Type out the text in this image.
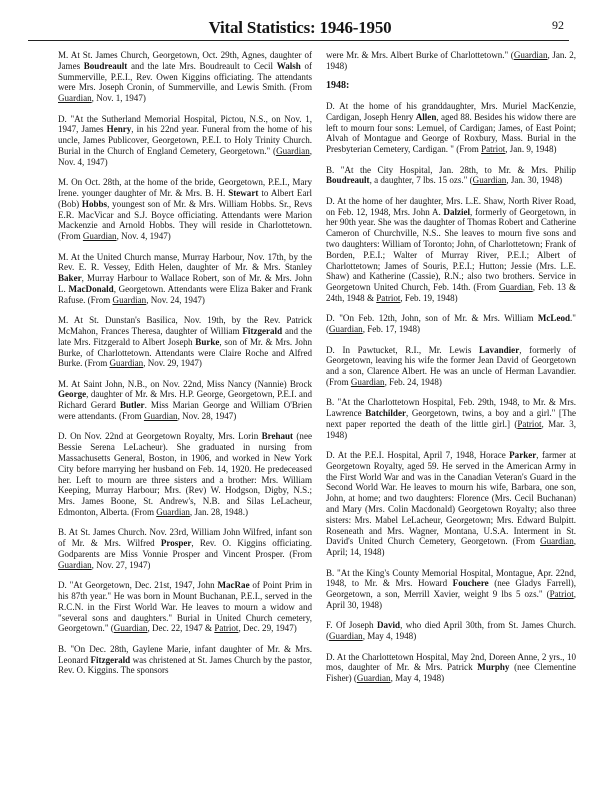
Vital Statistics: 1946-1950	92

M. At St. James Church, Georgetown, Oct. 29th, Agnes, daughter of James Boudreault and the late Mrs. Boudreault to Cecil Walsh of Summerville, P.E.I., Rev. Owen Kiggins officiating. The attendants were Mrs. Joseph Cronin, of Summerville, and Lewis Smith. (From Guardian, Nov. 1, 1947)

D. "At the Sutherland Memorial Hospital, Pictou, N.S., on Nov. 1, 1947, James Henry, in his 22nd year. Funeral from the home of his uncle, James Publicover, Georgetown, P.E.I. to Holy Trinity Church. Burial in the Church of England Cemetery, Georgetown." (Guardian, Nov. 4, 1947)

M. On Oct. 28th, at the home of the bride, Georgetown, P.E.I., Mary Irene. younger daughter of Mr. & Mrs. B. H. Stewart to Albert Earl (Bob) Hobbs, youngest son of Mr. & Mrs. William Hobbs. Sr., Revs E.R. MacVicar and S.J. Boyce officiating. Attendants were Marion Mackenzie and Arnold Hobbs. They will reside in Charlottetown. (From Guardian, Nov. 4, 1947)

M. At the United Church manse, Murray Harbour, Nov. 17th, by the Rev. E. R. Vessey, Edith Helen, daughter of Mr. & Mrs. Stanley Baker, Murray Harbour to Wallace Robert, son of Mr. & Mrs. John L. MacDonald, Georgetown. Attendants were Eliza Baker and Frank Rafuse. (From Guardian, Nov. 24, 1947)

M. At St. Dunstan's Basilica, Nov. 19th, by the Rev. Patrick McMahon, Frances Theresa, daughter of William Fitzgerald and the late Mrs. Fitzgerald to Albert Joseph Burke, son of Mr. & Mrs. John Burke, of Charlottetown. Attendants were Claire Roche and Alfred Burke. (From Guardian, Nov. 29, 1947)

M. At Saint John, N.B., on Nov. 22nd, Miss Nancy (Nannie) Brock George, daughter of Mr. & Mrs. H.P. George, Georgetown, P.E.I. and Richard Gerard Butler. Miss Marian George and William O'Brien were attendants. (From Guardian, Nov. 28, 1947)

D. On Nov. 22nd at Georgetown Royalty, Mrs. Lorin Brehaut (nee Bessie Serena LeLacheur). She graduated in nursing from Massachusetts General, Boston, in 1906, and worked in New York City before marrying her husband on Feb. 14, 1920. He predeceased her. Left to mourn are three sisters and a brother: Mrs. William Keeping, Murray Harbour; Mrs. (Rev) W. Hodgson, Digby, N.S.; Mrs. James Boone, St. Andrew's, N.B. and Silas LeLacheur, Edmonton, Alberta. (From Guardian, Jan. 28, 1948.)

B. At St. James Church. Nov. 23rd, William John Wilfred, infant son of Mr. & Mrs. Wilfred Prosper, Rev. O. Kiggins officiating. Godparents are Miss Vonnie Prosper and Vincent Prosper. (From Guardian, Nov. 27, 1947)

D. "At Georgetown, Dec. 21st, 1947, John MacRae of Point Prim in his 87th year." He was born in Mount Buchanan, P.E.I., served in the R.C.N. in the First World War. He leaves to mourn a widow and "several sons and daughters." Burial in United Church cemetery, Georgetown." (Guardian, Dec. 22, 1947 & Patriot, Dec. 29, 1947)

B. "On Dec. 28th, Gaylene Marie, infant daughter of Mr. & Mrs. Leonard Fitzgerald was christened at St. James Church by the pastor, Rev. O. Kiggins. The sponsors

were Mr. & Mrs. Albert Burke of Charlottetown." (Guardian, Jan. 2, 1948)

1948:

D. At the home of his granddaughter, Mrs. Muriel MacKenzie, Cardigan, Joseph Henry Allen, aged 88. Besides his widow there are left to mourn four sons: Lemuel, of Cardigan; James, of East Point; Alvah of Montague and George of Roxbury, Mass. Burial in the Presbyterian Cemetery, Cardigan. " (From Patriot, Jan. 9, 1948)

B. "At the City Hospital, Jan. 28th, to Mr. & Mrs. Philip Boudreault, a daughter, 7 lbs. 15 ozs." (Guardian, Jan. 30, 1948)

D. At the home of her daughter, Mrs. L.E. Shaw, North River Road, on Feb. 12, 1948, Mrs. John A. Dalziel, formerly of Georgetown, in her 90th year. She was the daughter of Thomas Robert and Catherine Cameron of Churchville, N.S.. She leaves to mourn five sons and two daughters: William of Toronto; John, of Charlottetown; Frank of Borden, P.E.I.; Walter of Murray River, P.E.I.; Albert of Charlottetown; James of Souris, P.E.I.; Hutton; Jessie (Mrs. L.E. Shaw) and Katherine (Cassie), R.N.; also two brothers. Service in Georgetown United Church, Feb. 14th. (From Guardian, Feb. 13 & 24th, 1948 & Patriot, Feb. 19, 1948)

D. "On Feb. 12th, John, son of Mr. & Mrs. William McLeod." (Guardian, Feb. 17, 1948)

D. In Pawtucket, R.I., Mr. Lewis Lavandier, formerly of Georgetown, leaving his wife the former Jean David of Georgetown and a son, Clarence Albert. He was an uncle of Herman Lavandier. (From Guardian, Feb. 24, 1948)

B. "At the Charlottetown Hospital, Feb. 29th, 1948, to Mr. & Mrs. Lawrence Batchilder, Georgetown, twins, a boy and a girl." [The next paper reported the death of the little girl.] (Patriot, Mar. 3, 1948)

D. At the P.E.I. Hospital, April 7, 1948, Horace Parker, farmer at Georgetown Royalty, aged 59. He served in the American Army in the First World War and was in the Canadian Veteran's Guard in the Second World War. He leaves to mourn his wife, Barbara, one son, John, at home; and two daughters: Florence (Mrs. Cecil Buchanan) and Mary (Mrs. Colin Macdonald) Georgetown Royalty; also three sisters: Mrs. Mabel LeLacheur, Georgetown; Mrs. Edward Bulpitt. Roseneath and Mrs. Wagner, Montana, U.S.A. Interment in St. David's United Church Cemetery, Georgetown. (From Guardian, April; 14, 1948)

B. "At the King's County Memorial Hospital, Montague, Apr. 22nd, 1948, to Mr. & Mrs. Howard Fouchere (nee Gladys Farrell), Georgetown, a son, Merrill Xavier, weight 9 lbs 5 ozs." (Patriot, April 30, 1948)

F. Of Joseph David, who died April 30th, from St. James Church. (Guardian, May 4, 1948)

D. At the Charlottetown Hospital, May 2nd, Doreen Anne, 2 yrs., 10 mos, daughter of Mr. & Mrs. Patrick Murphy (nee Clementine Fisher) (Guardian, May 4, 1948)
